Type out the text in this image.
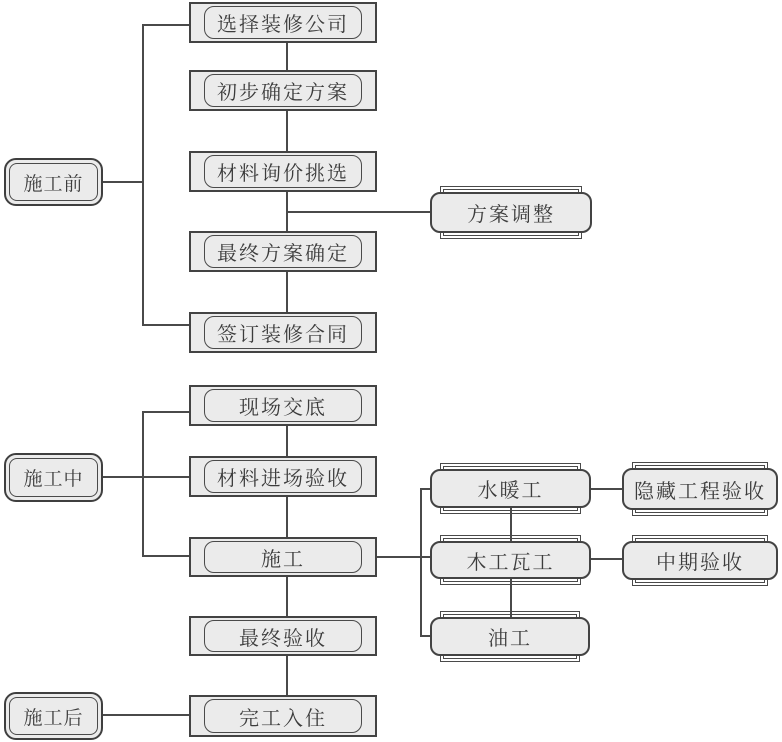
施工前
施工中
施工后
选择装修公司
初步确定方案
材料询价挑选
最终方案确定
签订装修合同
现场交底
材料进场验收
施工
最终验收
完工入住
方案调整
水暖工
木工瓦工
油工
隐藏工程验收
中期验收
